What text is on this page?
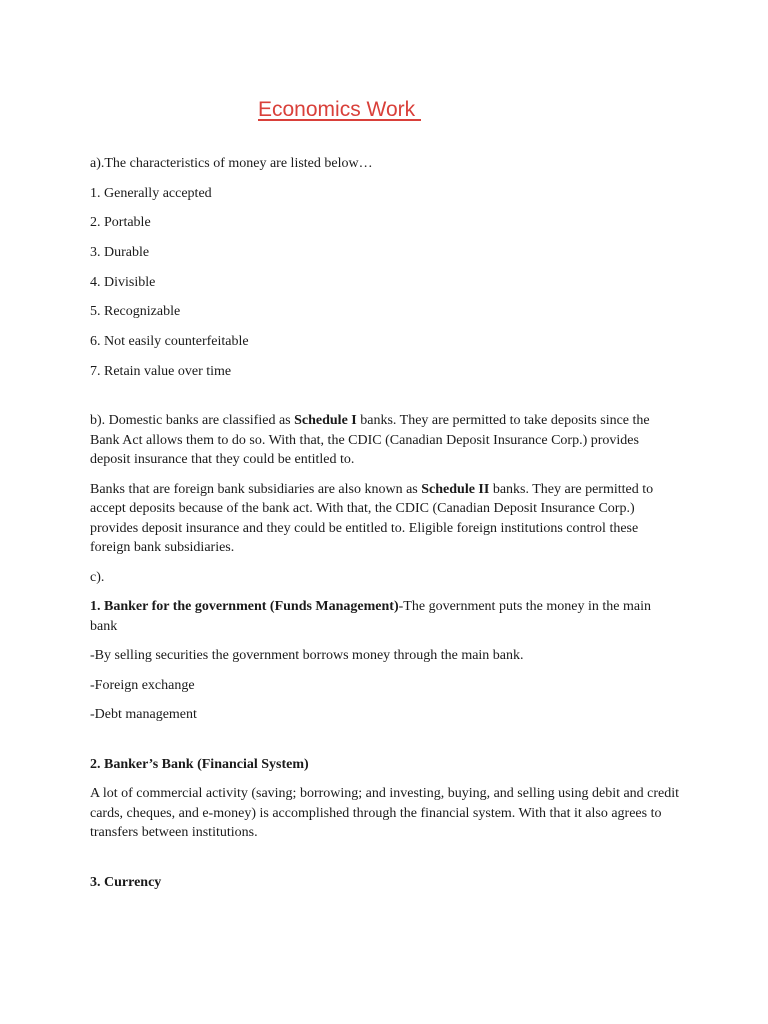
Economics Work

a).The characteristics of money are listed below…

1. Generally accepted

2. Portable

3. Durable

4. Divisible

5. Recognizable

6. Not easily counterfeitable

7. Retain value over time

b). Domestic banks are classified as Schedule I banks. They are permitted to take deposits since the Bank Act allows them to do so. With that, the CDIC (Canadian Deposit Insurance Corp.) provides deposit insurance that they could be entitled to.

Banks that are foreign bank subsidiaries are also known as Schedule II banks. They are permitted to accept deposits because of the bank act. With that, the CDIC (Canadian Deposit Insurance Corp.) provides deposit insurance and they could be entitled to. Eligible foreign institutions control these foreign bank subsidiaries.

c).

1. Banker for the government (Funds Management)-The government puts the money in the main bank

-By selling securities the government borrows money through the main bank.

-Foreign exchange

-Debt management

2. Banker’s Bank (Financial System)

A lot of commercial activity (saving; borrowing; and investing, buying, and selling using debit and credit cards, cheques, and e-money) is accomplished through the financial system. With that it also agrees to transfers between institutions.

3. Currency
